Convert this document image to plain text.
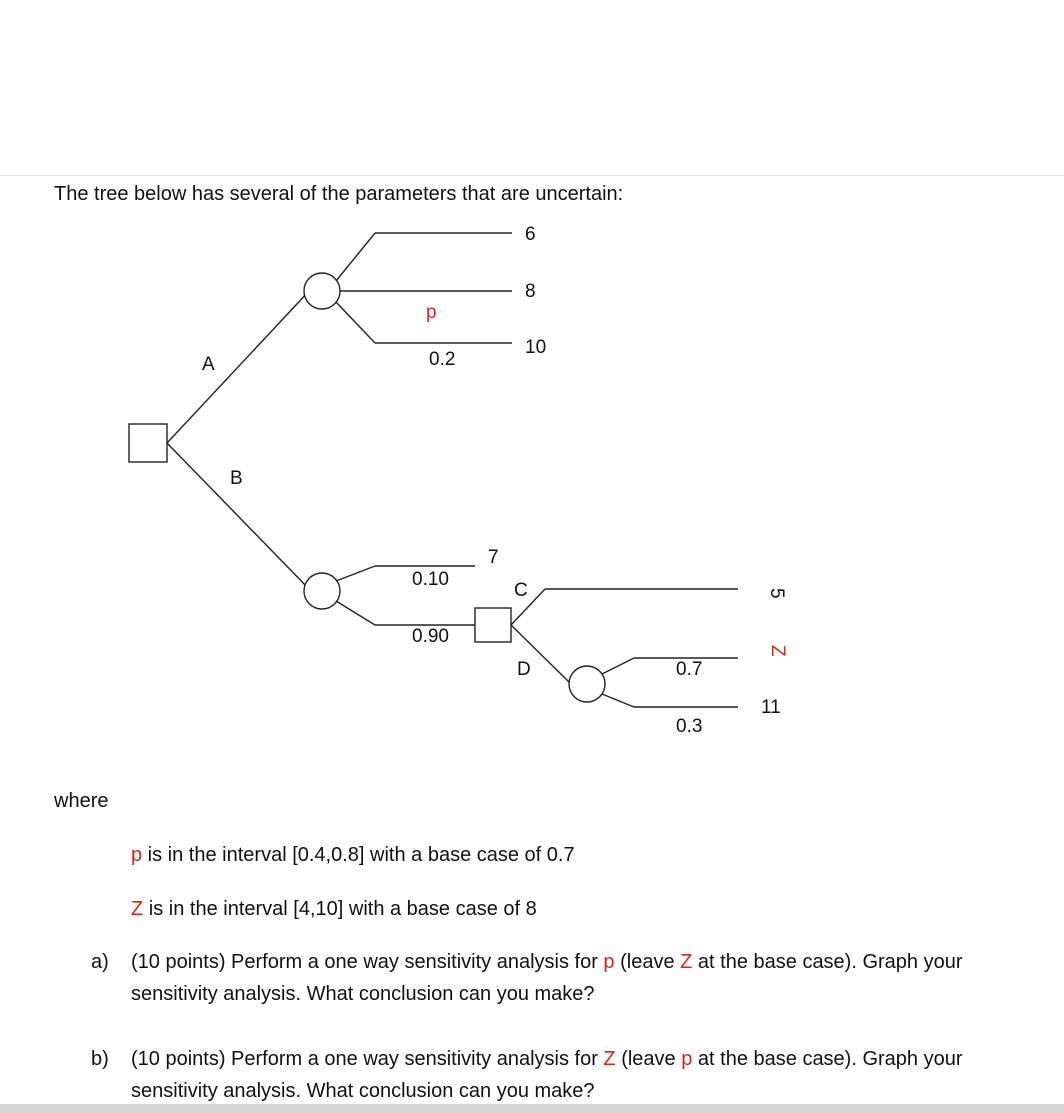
The tree below has several of the parameters that are uncertain:
6
8
10
p
0.2
A
B
7
0.10
0.90
C
D
5
Z
11
0.7
0.3
where
p is in the interval [0.4,0.8] with a base case of 0.7
Z is in the interval [4,10] with a base case of 8
a) (10 points) Perform a one way sensitivity analysis for p (leave Z at the base case). Graph your sensitivity analysis. What conclusion can you make?
b) (10 points) Perform a one way sensitivity analysis for Z (leave p at the base case). Graph your sensitivity analysis. What conclusion can you make?
